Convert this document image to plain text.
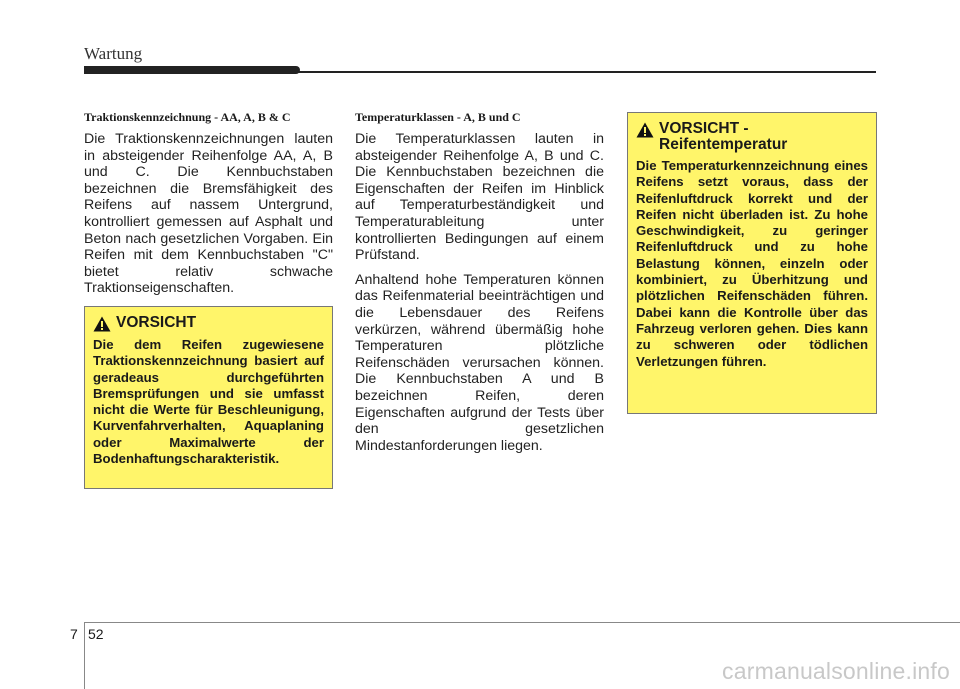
Wartung

Traktionskennzeichnung - AA, A, B & C

Die Traktionskennzeichnungen lauten in absteigender Reihenfolge AA, A, B und C. Die Kennbuchstaben bezeichnen die Bremsfähigkeit des Reifens auf nassem Untergrund, kontrolliert gemessen auf Asphalt und Beton nach gesetzlichen Vorgaben. Ein Reifen mit dem Kennbuchstaben "C" bietet relativ schwache Traktionseigenschaften.

VORSICHT

Die dem Reifen zugewiesene Traktionskennzeichnung basiert auf geradeaus durchgeführten Bremsprüfungen und sie umfasst nicht die Werte für Beschleunigung, Kurvenfahrverhalten, Aquaplaning oder Maximalwerte der Bodenhaftungscharakteristik.

Temperaturklassen - A, B und C

Die Temperaturklassen lauten in absteigender Reihenfolge A, B und C. Die Kennbuchstaben bezeichnen die Eigenschaften der Reifen im Hinblick auf Temperaturbeständigkeit und Temperaturableitung unter kontrollierten Bedingungen auf einem Prüfstand.

Anhaltend hohe Temperaturen können das Reifenmaterial beeinträchtigen und die Lebensdauer des Reifens verkürzen, während übermäßig hohe Temperaturen plötzliche Reifenschäden verursachen können. Die Kennbuchstaben A und B bezeichnen Reifen, deren Eigenschaften aufgrund der Tests über den gesetzlichen Mindestanforderungen liegen.

VORSICHT - Reifentemperatur

Die Temperaturkennzeichnung eines Reifens setzt voraus, dass der Reifenluftdruck korrekt und der Reifen nicht überladen ist. Zu hohe Geschwindigkeit, zu geringer Reifenluftdruck und zu hohe Belastung können, einzeln oder kombiniert, zu Überhitzung und plötzlichen Reifenschäden führen. Dabei kann die Kontrolle über das Fahrzeug verloren gehen. Dies kann zu schweren oder tödlichen Verletzungen führen.

7 52
carmanualsonline.info
